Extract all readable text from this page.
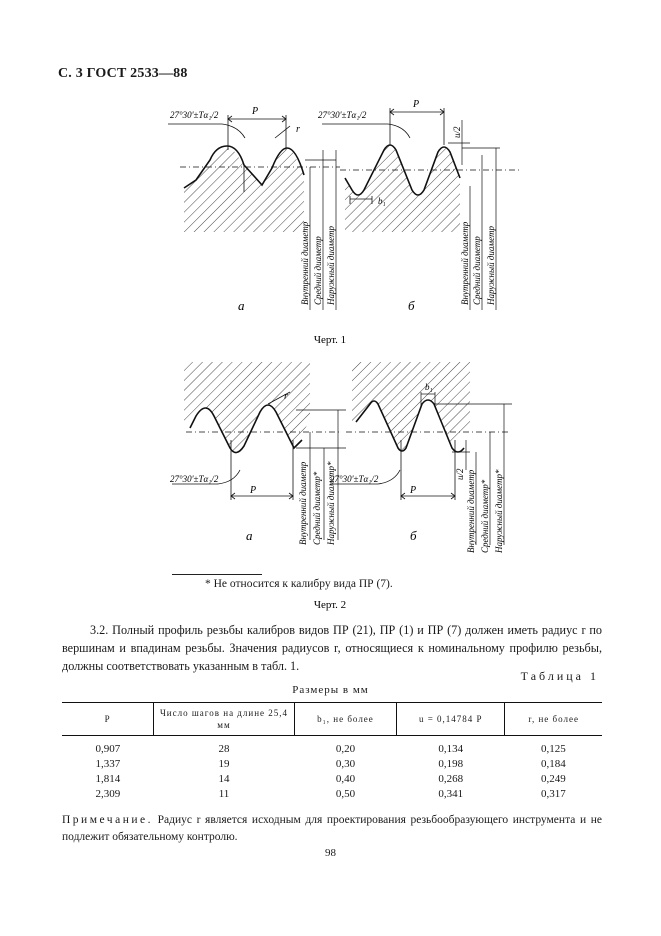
С. 3 ГОСТ 2533—88
27°30'±Tα₁/2	P
r
27°30'±Tα₁/2
P
u/2
b₁
Внутренний диаметр Средний диаметр Наружный диаметр	Внутренний диаметр Средний диаметр Наружный диаметр
а	б
Черт. 1
27°30'±Tα₁/2
P
r
27°30'±Tα₁/2
P
b₁
u/2
Внутренний диаметр Средний диаметр* Наружный диаметр*	Внутренний диаметр Средний диаметр* Наружный диаметр*
а	б
Черт. 2
* Не относится к калибру вида ПР (7).

3.2. Полный профиль резьбы калибров видов ПР (21), ПР (1) и ПР (7) должен иметь радиус r по вершинам и впадинам резьбы. Значения радиусов r, относящиеся к номинальному профилю резьбы, должны соответствовать указанным в табл. 1.

Таблица 1
Размеры в мм
P	Число шагов на длине 25,4 мм	b₁, не более	u = 0,14784 P	r, не более
0,907	28	0,20	0,134	0,125
1,337	19	0,30	0,198	0,184
1,814	14	0,40	0,268	0,249
2,309	11	0,50	0,341	0,317
Примечание. Радиус r является исходным для проектирования резьбообразующего инструмента и не подлежит обязательному контролю.
98
